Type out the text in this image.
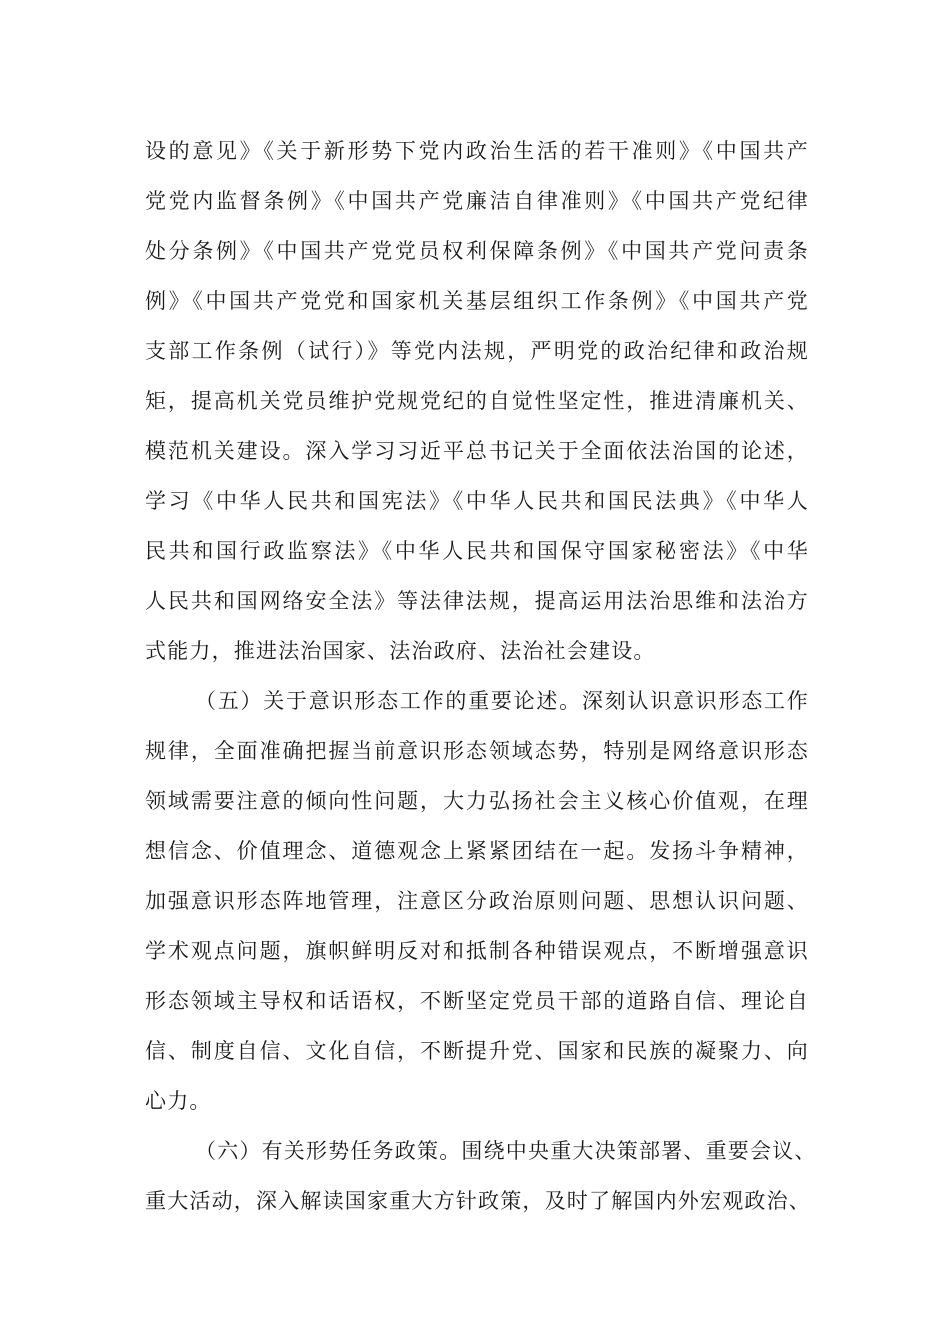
设的意见》《关于新形势下党内政治生活的若干准则》《中国共产
党党内监督条例》《中国共产党廉洁自律准则》《中国共产党纪律
处分条例》《中国共产党党员权利保障条例》《中国共产党问责条
例》《中国共产党党和国家机关基层组织工作条例》《中国共产党
支部工作条例（试行）》等党内法规，严明党的政治纪律和政治规
矩，提高机关党员维护党规党纪的自觉性坚定性，推进清廉机关、
模范机关建设。深入学习习近平总书记关于全面依法治国的论述，
学习《中华人民共和国宪法》《中华人民共和国民法典》《中华人
民共和国行政监察法》《中华人民共和国保守国家秘密法》《中华
人民共和国网络安全法》等法律法规，提高运用法治思维和法治方
式能力，推进法治国家、法治政府、法治社会建设。
（五）关于意识形态工作的重要论述。深刻认识意识形态工作
规律，全面准确把握当前意识形态领域态势，特别是网络意识形态
领域需要注意的倾向性问题，大力弘扬社会主义核心价值观，在理
想信念、价值理念、道德观念上紧紧团结在一起。发扬斗争精神，
加强意识形态阵地管理，注意区分政治原则问题、思想认识问题、
学术观点问题，旗帜鲜明反对和抵制各种错误观点，不断增强意识
形态领域主导权和话语权，不断坚定党员干部的道路自信、理论自
信、制度自信、文化自信，不断提升党、国家和民族的凝聚力、向
心力。
（六）有关形势任务政策。围绕中央重大决策部署、重要会议、
重大活动，深入解读国家重大方针政策，及时了解国内外宏观政治、
